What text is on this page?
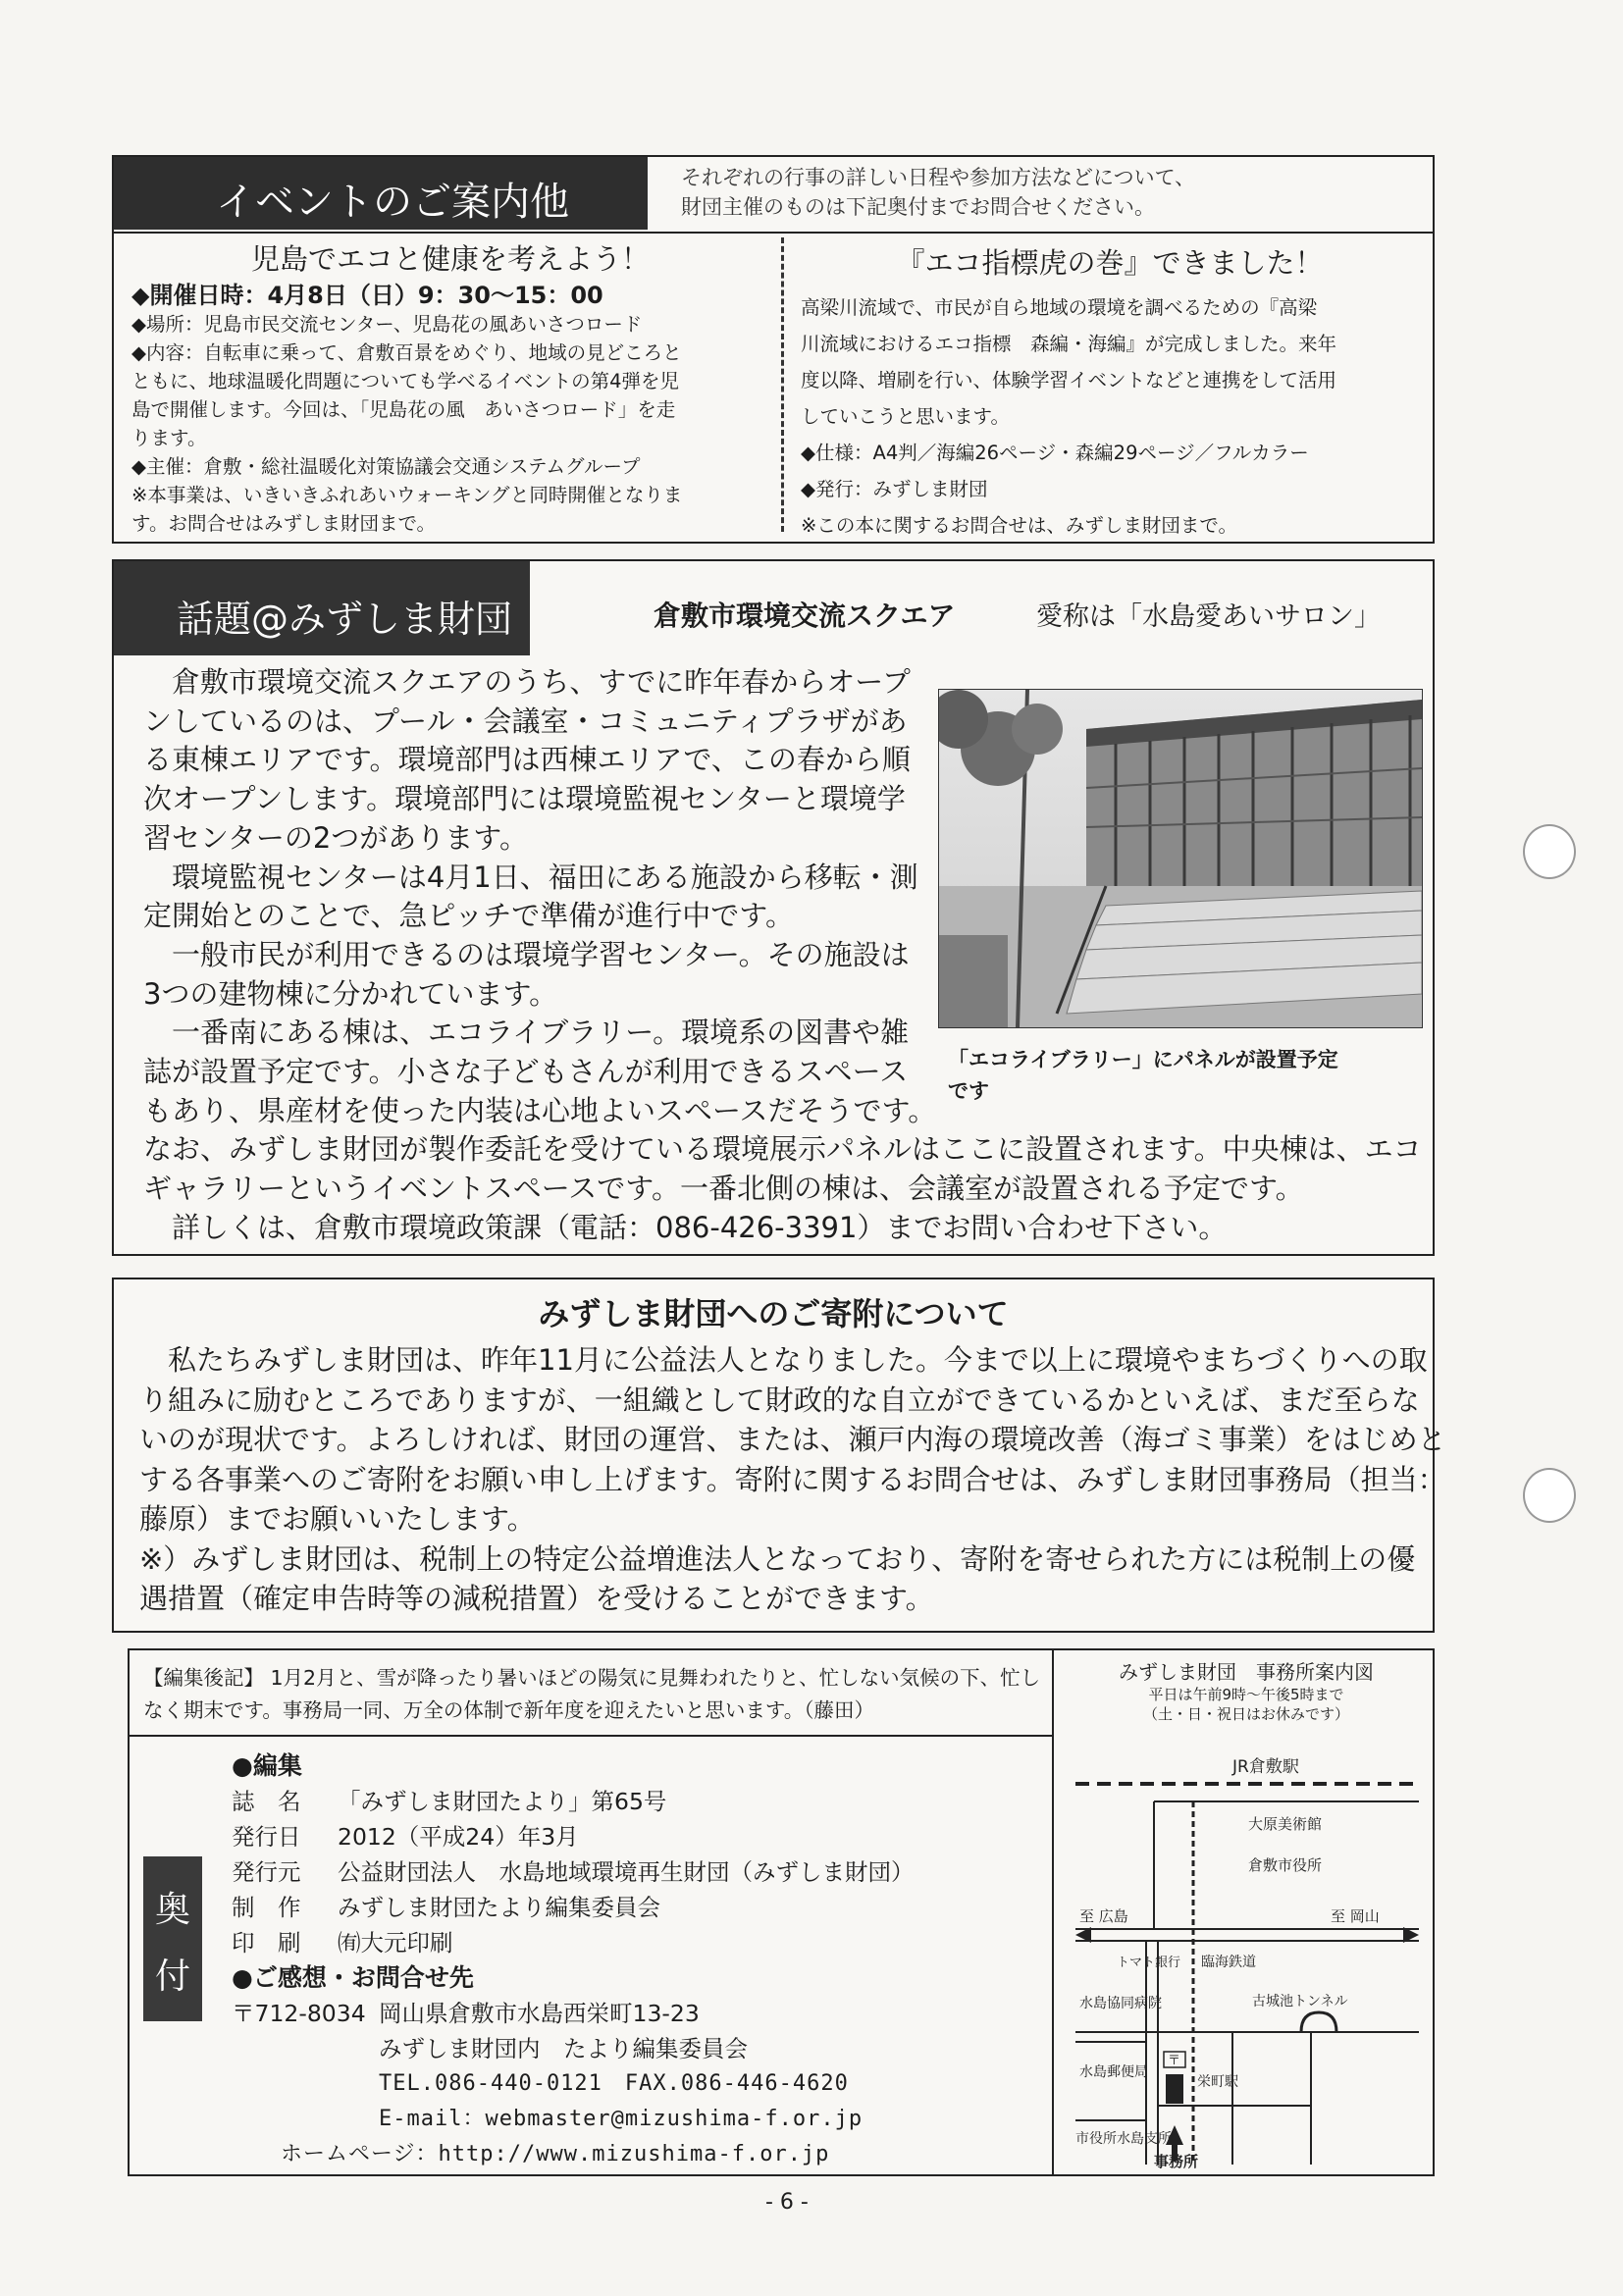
イベントのご案内他
それぞれの行事の詳しい日程や参加方法などについて、
財団主催のものは下記奥付までお問合せください。
児島でエコと健康を考えよう！
◆開催日時：4月8日（日）9：30～15：00
◆場所：児島市民交流センター、児島花の風あいさつロード
◆内容：自転車に乗って、倉敷百景をめぐり、地域の見どころと
ともに、地球温暖化問題についても学べるイベントの第4弾を児
島で開催します。今回は、「児島花の風　あいさつロード」を走
ります。
◆主催：倉敷・総社温暖化対策協議会交通システムグループ
※本事業は、いきいきふれあいウォーキングと同時開催となりま
す。お問合せはみずしま財団まで。
『エコ指標虎の巻』できました！
高梁川流域で、市民が自ら地域の環境を調べるための『高梁
川流域におけるエコ指標　森編・海編』が完成しました。来年
度以降、増刷を行い、体験学習イベントなどと連携をして活用
していこうと思います。
◆仕様：A4判／海編26ページ・森編29ページ／フルカラー
◆発行：みずしま財団
※この本に関するお問合せは、みずしま財団まで。
話題@みずしま財団	倉敷市環境交流スクエア	愛称は「水島愛あいサロン」
　倉敷市環境交流スクエアのうち、すでに昨年春からオープ
ンしているのは、プール・会議室・コミュニティプラザがあ
る東棟エリアです。環境部門は西棟エリアで、この春から順
次オープンします。環境部門には環境監視センターと環境学
習センターの2つがあります。
　環境監視センターは4月1日、福田にある施設から移転・測
定開始とのことで、急ピッチで準備が進行中です。
　一般市民が利用できるのは環境学習センター。その施設は
3つの建物棟に分かれています。
　一番南にある棟は、エコライブラリー。環境系の図書や雑
誌が設置予定です。小さな子どもさんが利用できるスペース
もあり、県産材を使った内装は心地よいスペースだそうです。
なお、みずしま財団が製作委託を受けている環境展示パネルはここに設置されます。中央棟は、エコ
ギャラリーというイベントスペースです。一番北側の棟は、会議室が設置される予定です。
　詳しくは、倉敷市環境政策課（電話：086-426-3391）までお問い合わせ下さい。
「エコライブラリー」にパネルが設置予定
です
みずしま財団へのご寄附について
　私たちみずしま財団は、昨年11月に公益法人となりました。今まで以上に環境やまちづくりへの取
り組みに励むところでありますが、一組織として財政的な自立ができているかといえば、まだ至らな
いのが現状です。よろしければ、財団の運営、または、瀬戸内海の環境改善（海ゴミ事業）をはじめと
する各事業へのご寄附をお願い申し上げます。寄附に関するお問合せは、みずしま財団事務局（担当：
藤原）までお願いいたします。
※）みずしま財団は、税制上の特定公益増進法人となっており、寄附を寄せられた方には税制上の優
遇措置（確定申告時等の減税措置）を受けることができます。
【編集後記】 1月2月と、雪が降ったり暑いほどの陽気に見舞われたりと、忙しない気候の下、忙しなく期末です。事務局一同、万全の体制で新年度を迎えたいと思います。（藤田）
奥
付
●編集
誌　名 「みずしま財団たより」第65号
発行日 2012（平成24）年3月
発行元 公益財団法人　水島地域環境再生財団（みずしま財団）
制　作 みずしま財団たより編集委員会
印　刷 ㈲大元印刷
●ご感想・お問合せ先
〒712-8034 岡山県倉敷市水島西栄町13-23
みずしま財団内　たより編集委員会
TEL.086-440-0121　FAX.086-446-4620
E-mail：webmaster@mizushima-f.or.jp
ホームページ：http://www.mizushima-f.or.jp
みずしま財団　事務所案内図
平日は午前9時～午後5時まで
（土・日・祝日はお休みです）
JR倉敷駅
大原美術館
倉敷市役所
至 広島	至 岡山
トマト銀行 臨海鉄道
水島協同病院	古城池トンネル
水島郵便局
〒
栄町駅
市役所水島支所
事務所
- 6 -
